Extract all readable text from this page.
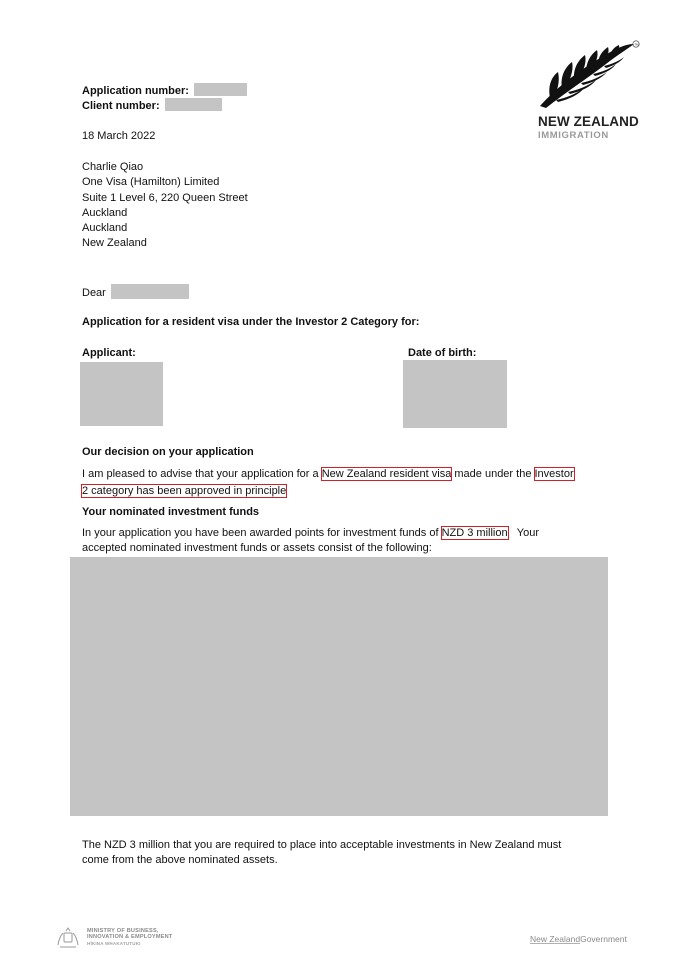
TM
NEW ZEALAND
IMMIGRATION
Application number:
Client number:
18 March 2022
Charlie Qiao
One Visa (Hamilton) Limited
Suite 1 Level 6, 220 Queen Street
Auckland
Auckland
New Zealand
Dear
Application for a resident visa under the Investor 2 Category for:
Applicant:	Date of birth:
Our decision on your application
I am pleased to advise that your application for a New Zealand resident visa made under the Investor
2 category has been approved in principle
Your nominated investment funds
In your application you have been awarded points for investment funds of NZD 3 million Your
accepted nominated investment funds or assets consist of the following:
The NZD 3 million that you are required to place into acceptable investments in New Zealand must
come from the above nominated assets.
MINISTRY OF BUSINESS,
INNOVATION & EMPLOYMENT
HĪKINA WHAKATUTUKI	New ZealandGovernment
